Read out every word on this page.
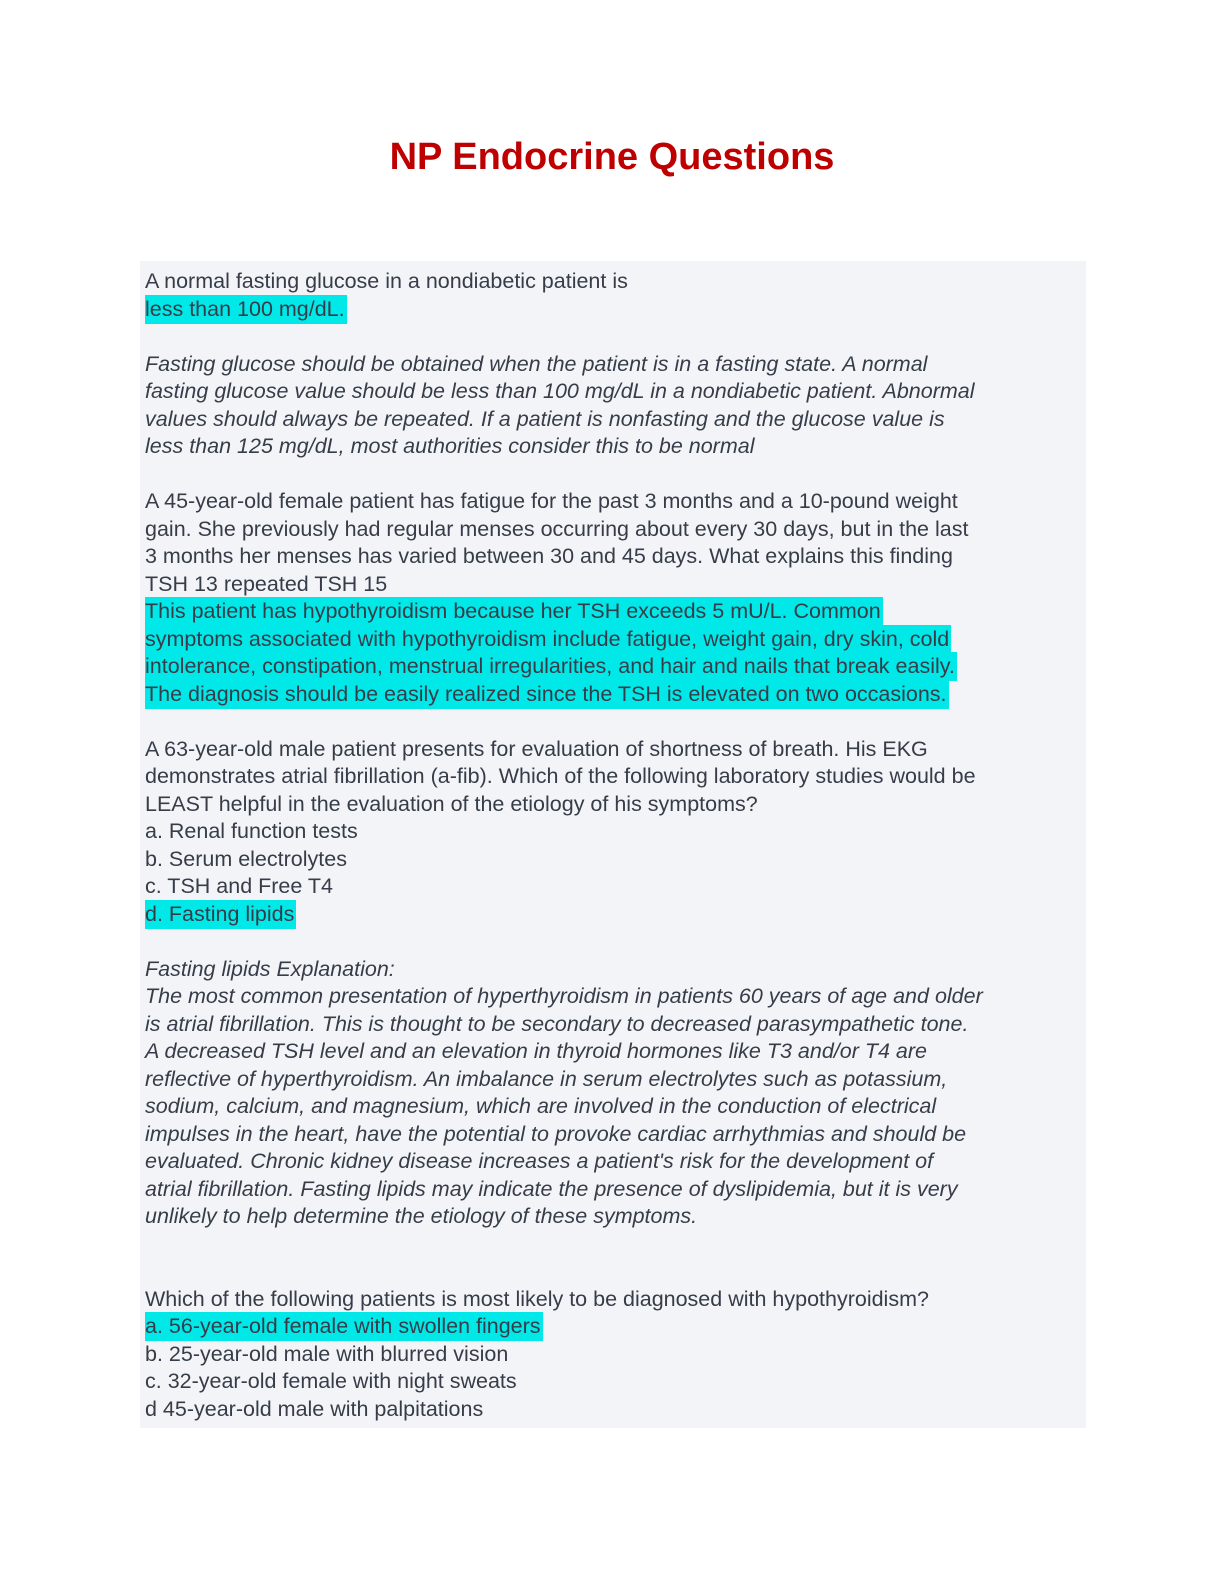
NP Endocrine Questions
A normal fasting glucose in a nondiabetic patient is
less than 100 mg/dL.
Fasting glucose should be obtained when the patient is in a fasting state. A normal
fasting glucose value should be less than 100 mg/dL in a nondiabetic patient. Abnormal
values should always be repeated. If a patient is nonfasting and the glucose value is
less than 125 mg/dL, most authorities consider this to be normal
A 45-year-old female patient has fatigue for the past 3 months and a 10-pound weight
gain. She previously had regular menses occurring about every 30 days, but in the last
3 months her menses has varied between 30 and 45 days. What explains this finding
TSH 13 repeated TSH 15
This patient has hypothyroidism because her TSH exceeds 5 mU/L. Common
symptoms associated with hypothyroidism include fatigue, weight gain, dry skin, cold
intolerance, constipation, menstrual irregularities, and hair and nails that break easily.
The diagnosis should be easily realized since the TSH is elevated on two occasions.
A 63-year-old male patient presents for evaluation of shortness of breath. His EKG
demonstrates atrial fibrillation (a-fib). Which of the following laboratory studies would be
LEAST helpful in the evaluation of the etiology of his symptoms?
a. Renal function tests
b. Serum electrolytes
c. TSH and Free T4
d. Fasting lipids
Fasting lipids Explanation:
The most common presentation of hyperthyroidism in patients 60 years of age and older
is atrial fibrillation. This is thought to be secondary to decreased parasympathetic tone.
A decreased TSH level and an elevation in thyroid hormones like T3 and/or T4 are
reflective of hyperthyroidism. An imbalance in serum electrolytes such as potassium,
sodium, calcium, and magnesium, which are involved in the conduction of electrical
impulses in the heart, have the potential to provoke cardiac arrhythmias and should be
evaluated. Chronic kidney disease increases a patient's risk for the development of
atrial fibrillation. Fasting lipids may indicate the presence of dyslipidemia, but it is very
unlikely to help determine the etiology of these symptoms.
Which of the following patients is most likely to be diagnosed with hypothyroidism?
a. 56-year-old female with swollen fingers
b. 25-year-old male with blurred vision
c. 32-year-old female with night sweats
d 45-year-old male with palpitations
